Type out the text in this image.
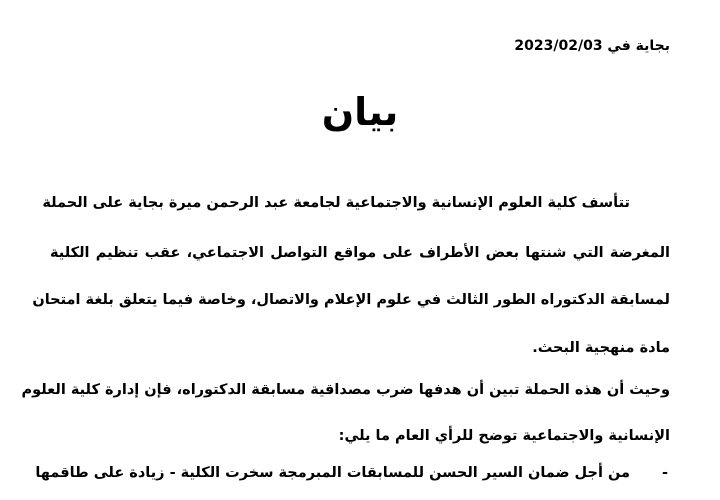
بجاية في 2023/02/03
بيان
تتأسف كلية العلوم الإنسانية والاجتماعية لجامعة عبد الرحمن ميرة بجاية على الحملة
المغرضة التي شنتها بعض الأطراف على مواقع التواصل الاجتماعي، عقب تنظيم الكلية
لمسابقة الدكتوراه الطور الثالث في علوم الإعلام والاتصال، وخاصة فيما يتعلق بلغة امتحان
مادة منهجية البحث.
وحيث أن هذه الحملة تبين أن هدفها ضرب مصداقية مسابقة الدكتوراه، فإن إدارة كلية العلوم
الإنسانية والاجتماعية توضح للرأي العام ما يلي:
-
من أجل ضمان السير الحسن للمسابقات المبرمجة سخرت الكلية - زيادة على طاقمها
